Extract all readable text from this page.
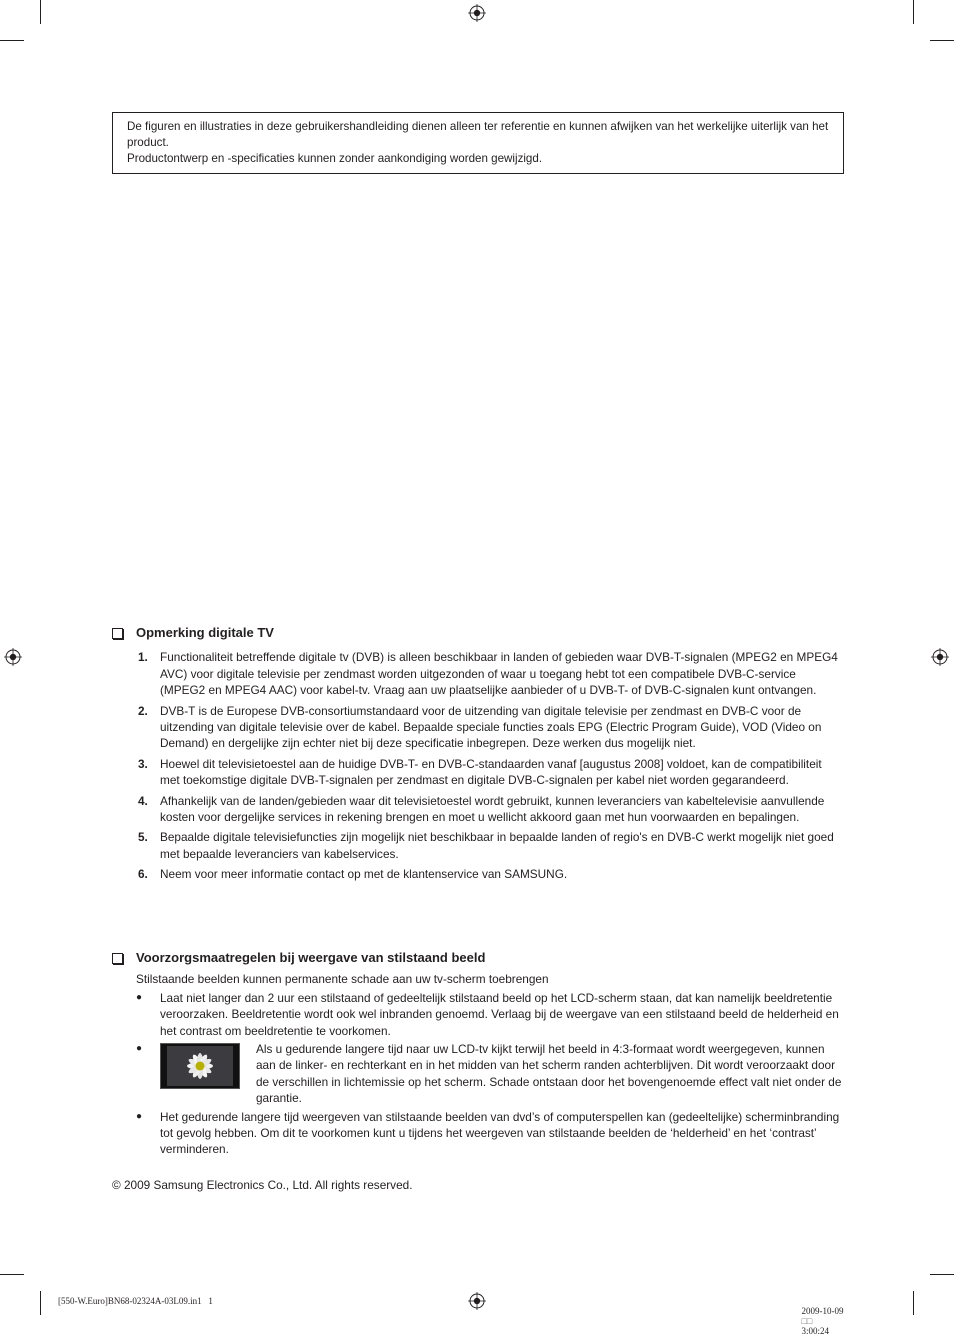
De figuren en illustraties in deze gebruikershandleiding dienen alleen ter referentie en kunnen afwijken van het werkelijke uiterlijk van het product.

Productontwerp en -specificaties kunnen zonder aankondiging worden gewijzigd.

Opmerking digitale TV
1. Functionaliteit betreffende digitale tv (DVB) is alleen beschikbaar in landen of gebieden waar DVB-T-signalen (MPEG2 en MPEG4 AVC) voor digitale televisie per zendmast worden uitgezonden of waar u toegang hebt tot een compatibele DVB-C-service (MPEG2 en MPEG4 AAC) voor kabel-tv. Vraag aan uw plaatselijke aanbieder of u DVB-T- of DVB-C-signalen kunt ontvangen.
2. DVB-T is de Europese DVB-consortiumstandaard voor de uitzending van digitale televisie per zendmast en DVB-C voor de uitzending van digitale televisie over de kabel. Bepaalde speciale functies zoals EPG (Electric Program Guide), VOD (Video on Demand) en dergelijke zijn echter niet bij deze specificatie inbegrepen. Deze werken dus mogelijk niet.
3. Hoewel dit televisietoestel aan de huidige DVB-T- en DVB-C-standaarden vanaf [augustus 2008] voldoet, kan de compatibiliteit met toekomstige digitale DVB-T-signalen per zendmast en digitale DVB-C-signalen per kabel niet worden gegarandeerd.
4. Afhankelijk van de landen/gebieden waar dit televisietoestel wordt gebruikt, kunnen leveranciers van kabeltelevisie aanvullende kosten voor dergelijke services in rekening brengen en moet u wellicht akkoord gaan met hun voorwaarden en bepalingen.
5. Bepaalde digitale televisiefuncties zijn mogelijk niet beschikbaar in bepaalde landen of regio's en DVB-C werkt mogelijk niet goed met bepaalde leveranciers van kabelservices.
6. Neem voor meer informatie contact op met de klantenservice van SAMSUNG.
Voorzorgsmaatregelen bij weergave van stilstaand beeld
Stilstaande beelden kunnen permanente schade aan uw tv-scherm toebrengen
● Laat niet langer dan 2 uur een stilstaand of gedeeltelijk stilstaand beeld op het LCD-scherm staan, dat kan namelijk beeldretentie veroorzaken. Beeldretentie wordt ook wel inbranden genoemd. Verlaag bij de weergave van een stilstaand beeld de helderheid en het contrast om beeldretentie te voorkomen.
●	Als u gedurende langere tijd naar uw LCD-tv kijkt terwijl het beeld in 4:3-formaat wordt weergegeven, kunnen aan de linker- en rechterkant en in het midden van het scherm randen achterblijven. Dit wordt veroorzaakt door de verschillen in lichtemissie op het scherm. Schade ontstaan door het bovengenoemde effect valt niet onder de garantie.
● Het gedurende langere tijd weergeven van stilstaande beelden van dvd’s of computerspellen kan (gedeeltelijke) scherminbranding tot gevolg hebben. Om dit te voorkomen kunt u tijdens het weergeven van stilstaande beelden de ‘helderheid’ en het ‘contrast’ verminderen.
© 2009 Samsung Electronics Co., Ltd. All rights reserved.
[550-W.Euro]BN68-02324A-03L09.in1   1

2009-10-09
□□
3:00:24
